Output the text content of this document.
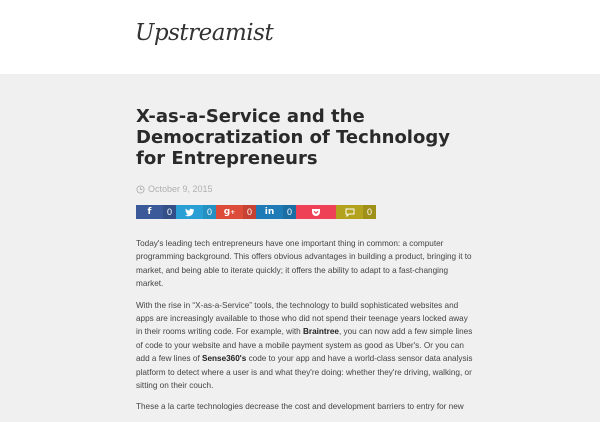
Upstreamist
X-as-a-Service and the Democratization of Technology for Entrepreneurs
October 9, 2015
f	0	0	g +	0	in	0	0

Today's leading tech entrepreneurs have one important thing in common: a computer programming background. This offers obvious advantages in building a product, bringing it to market, and being able to iterate quickly; it offers the ability to adapt to a fast-changing market.

With the rise in “X-as-a-Service” tools, the technology to build sophisticated websites and apps are increasingly available to those who did not spend their teenage years locked away in their rooms writing code. For example, with Braintree, you can now add a few simple lines of code to your website and have a mobile payment system as good as Uber's. Or you can add a few lines of Sense360's code to your app and have a world-class sensor data analysis platform to detect where a user is and what they're doing: whether they're driving, walking, or sitting on their couch.

These a la carte technologies decrease the cost and development barriers to entry for new
